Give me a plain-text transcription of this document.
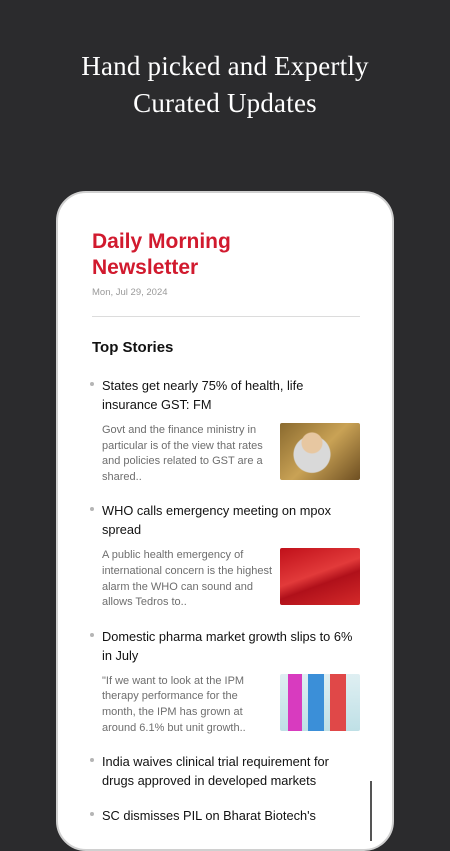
Hand picked and Expertly
Curated Updates
Daily Morning
Newsletter
Mon, Jul 29, 2024
Top Stories
States get nearly 75% of health, life insurance GST: FM
Govt and the finance ministry in particular is of the view that rates and policies related to GST are a shared..
WHO calls emergency meeting on mpox spread
A public health emergency of international concern is the highest alarm the WHO can sound and allows Tedros to..
Domestic pharma market growth slips to 6% in July
"If we want to look at the IPM therapy performance for the month, the IPM has grown at around 6.1% but unit growth..
India waives clinical trial requirement for drugs approved in developed markets
SC dismisses PIL on Bharat Biotech's
